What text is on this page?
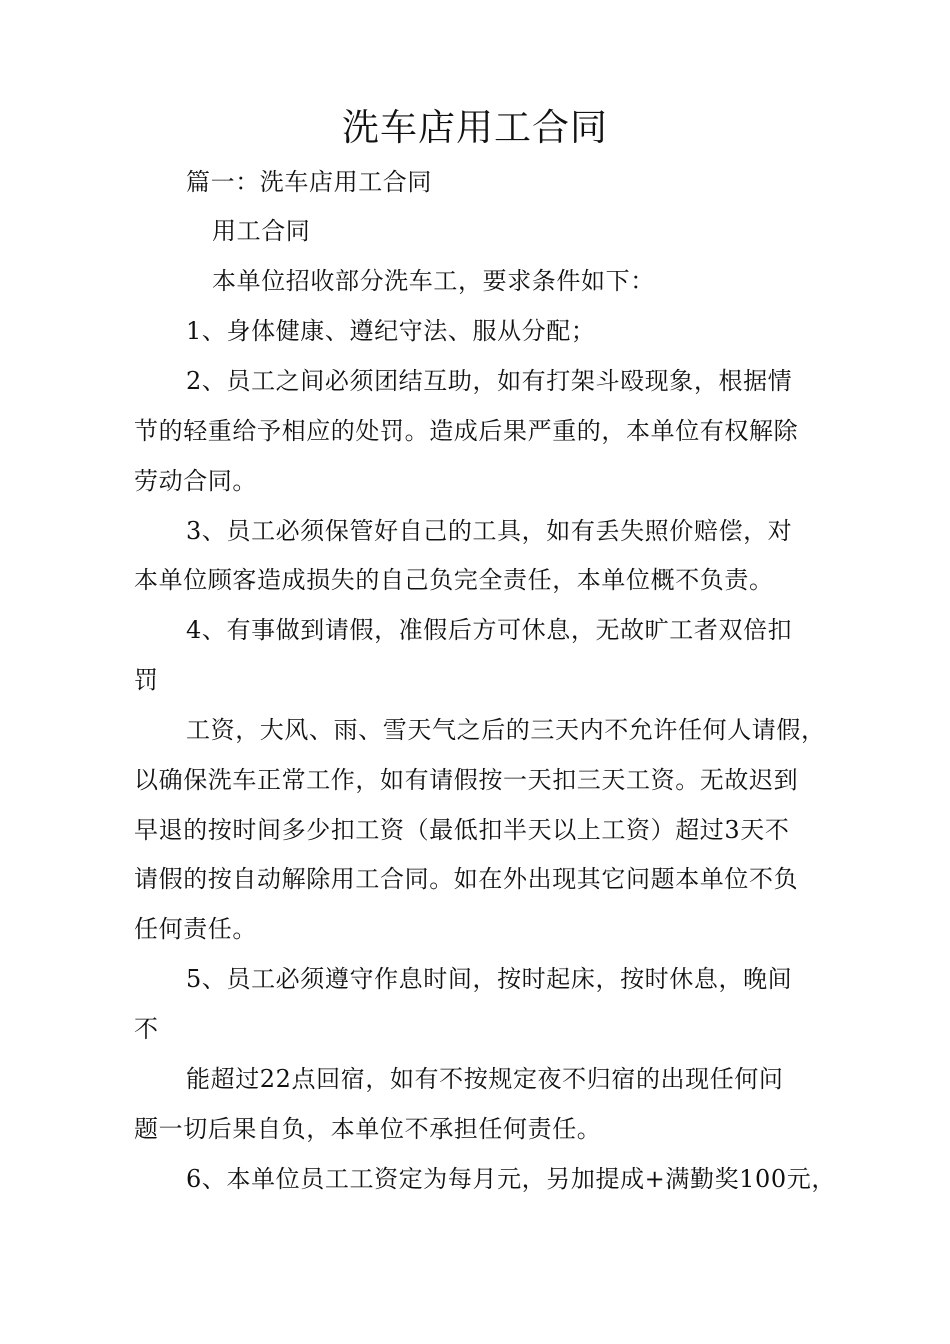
洗车店用工合同
篇一：洗车店用工合同
用工合同
本单位招收部分洗车工，要求条件如下：
1、身体健康、遵纪守法、服从分配；
2、员工之间必须团结互助，如有打架斗殴现象，根据情
节的轻重给予相应的处罚。造成后果严重的，本单位有权解除
劳动合同。
3、员工必须保管好自己的工具，如有丢失照价赔偿，对
本单位顾客造成损失的自己负完全责任，本单位概不负责。
4、有事做到请假，准假后方可休息，无故旷工者双倍扣
罚
工资，大风、雨、雪天气之后的三天内不允许任何人请假，
以确保洗车正常工作，如有请假按一天扣三天工资。无故迟到
早退的按时间多少扣工资（最低扣半天以上工资）超过3天不
请假的按自动解除用工合同。如在外出现其它问题本单位不负
任何责任。
5、员工必须遵守作息时间，按时起床，按时休息，晚间
不
能超过22点回宿，如有不按规定夜不归宿的出现任何问
题一切后果自负，本单位不承担任何责任。
6、本单位员工工资定为每月元，另加提成+满勤奖100元，
